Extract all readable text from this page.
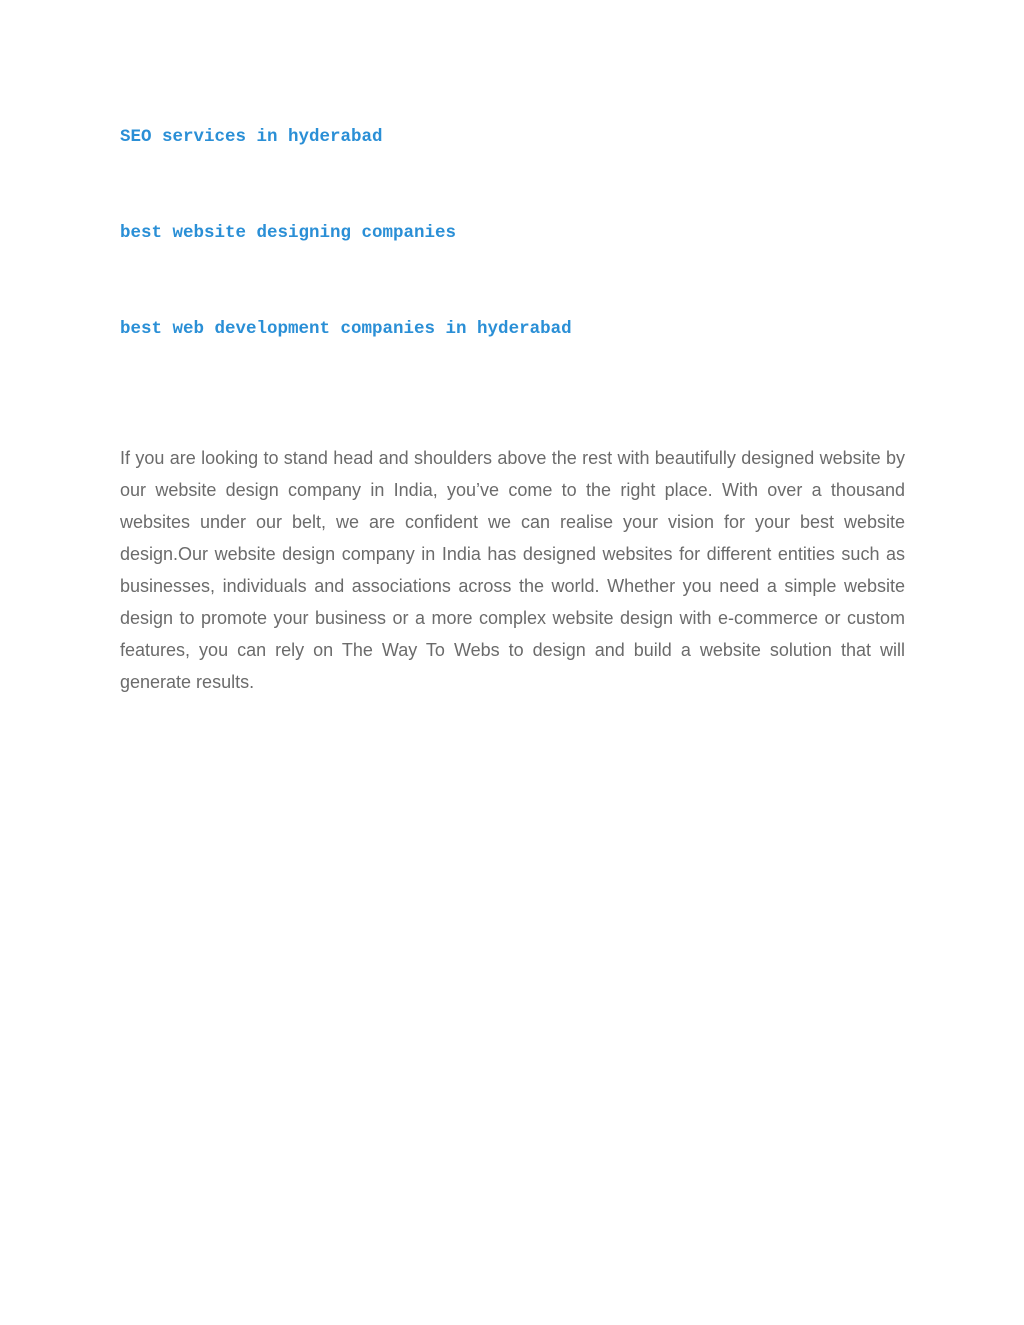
SEO services in hyderabad
best website designing companies
best web development companies in hyderabad

If you are looking to stand head and shoulders above the rest with beautifully designed website by our website design company in India, you’ve come to the right place. With over a thousand websites under our belt, we are confident we can realise your vision for your best website design.Our website design company in India has designed websites for different entities such as businesses, individuals and associations across the world. Whether you need a simple website design to promote your business or a more complex website design with e-commerce or custom features, you can rely on The Way To Webs to design and build a website solution that will generate results.
